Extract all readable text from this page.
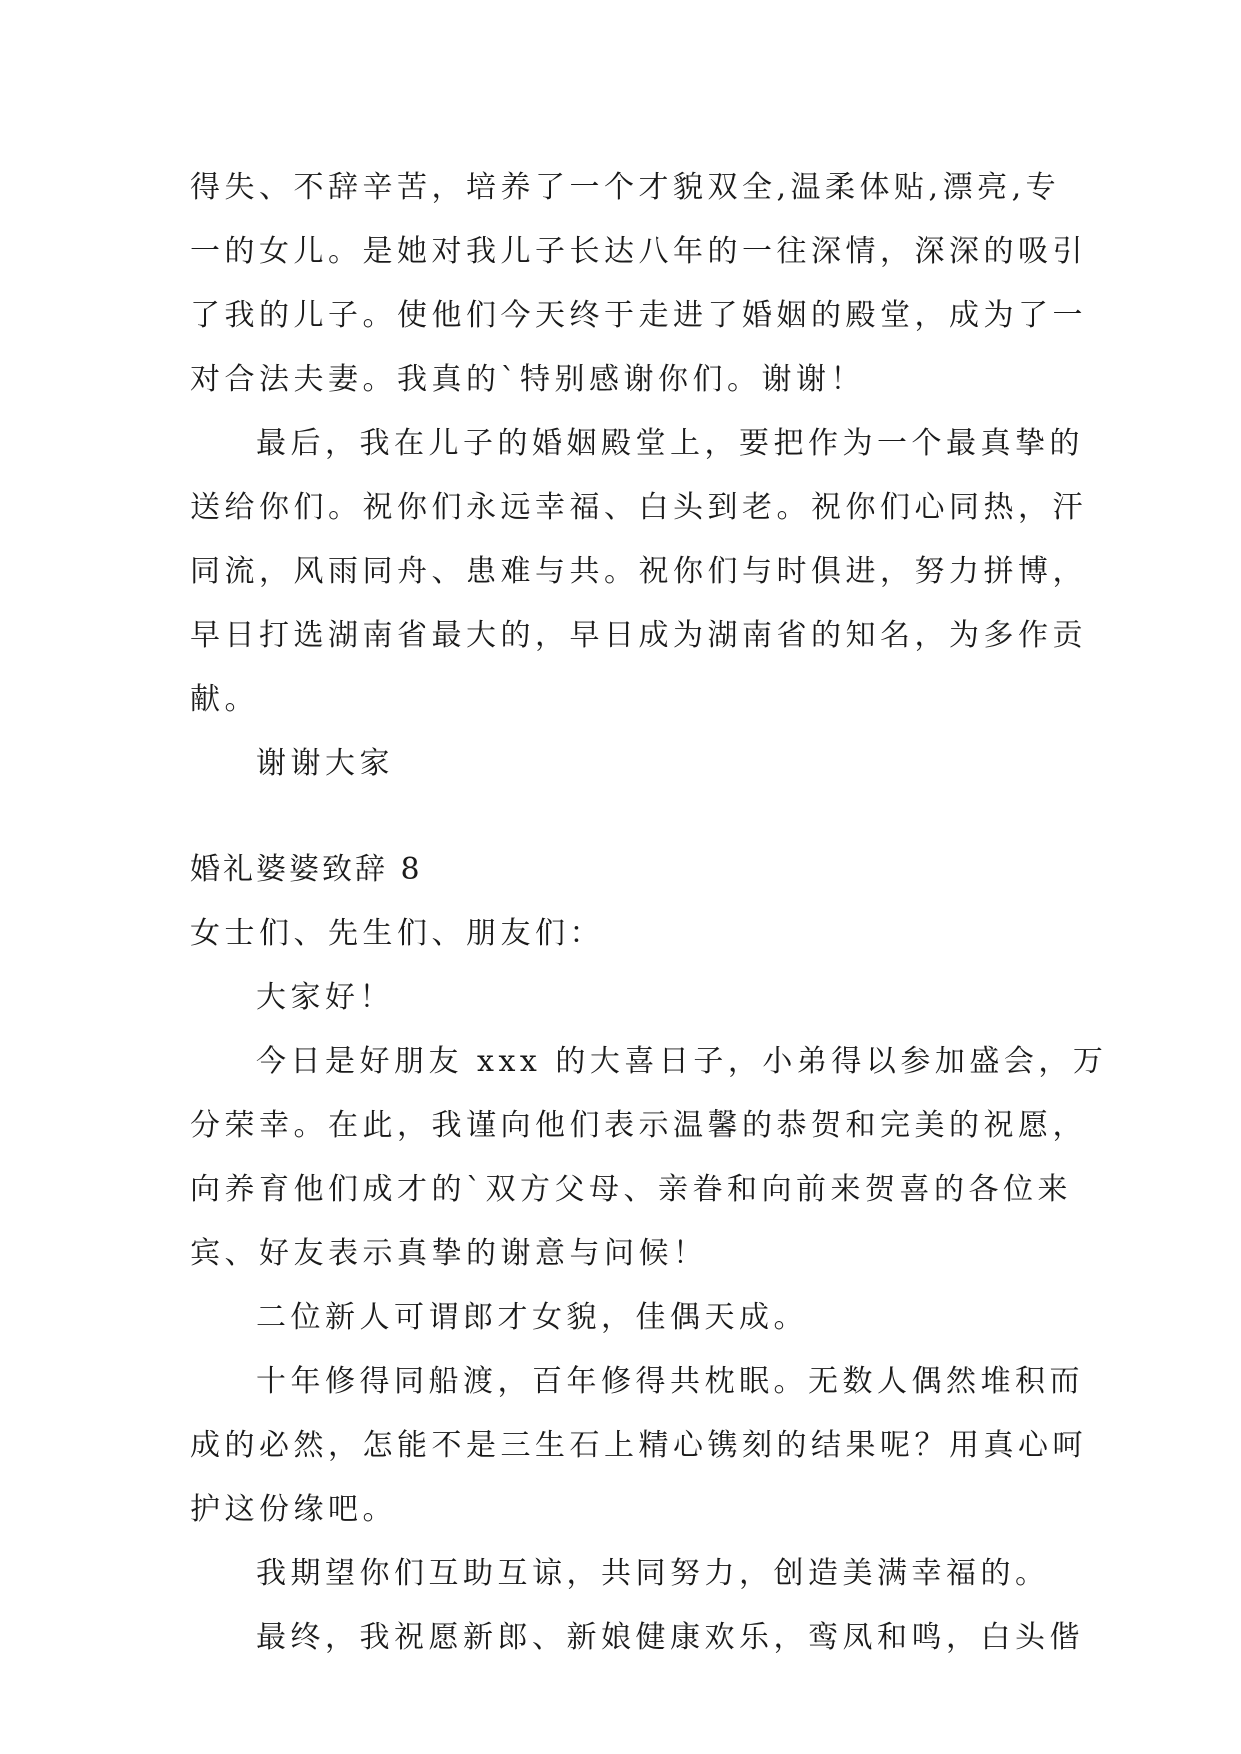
得失、不辞辛苦，培养了一个才貌双全,温柔体贴,漂亮,专
一的女儿。是她对我儿子长达八年的一往深情，深深的吸引
了我的儿子。使他们今天终于走进了婚姻的殿堂，成为了一
对合法夫妻。我真的`特别感谢你们。谢谢！
最后，我在儿子的婚姻殿堂上，要把作为一个最真挚的
送给你们。祝你们永远幸福、白头到老。祝你们心同热，汗
同流，风雨同舟、患难与共。祝你们与时俱进，努力拼博，
早日打选湖南省最大的，早日成为湖南省的知名，为多作贡
献。
谢谢大家
婚礼婆婆致辞 8
女士们、先生们、朋友们：
大家好！
今日是好朋友 xxx 的大喜日子，小弟得以参加盛会，万
分荣幸。在此，我谨向他们表示温馨的恭贺和完美的祝愿，
向养育他们成才的`双方父母、亲眷和向前来贺喜的各位来
宾、好友表示真挚的谢意与问候！
二位新人可谓郎才女貌，佳偶天成。
十年修得同船渡，百年修得共枕眠。无数人偶然堆积而
成的必然，怎能不是三生石上精心镌刻的结果呢？用真心呵
护这份缘吧。
我期望你们互助互谅，共同努力，创造美满幸福的。
最终，我祝愿新郎、新娘健康欢乐，鸾凤和鸣，白头偕
